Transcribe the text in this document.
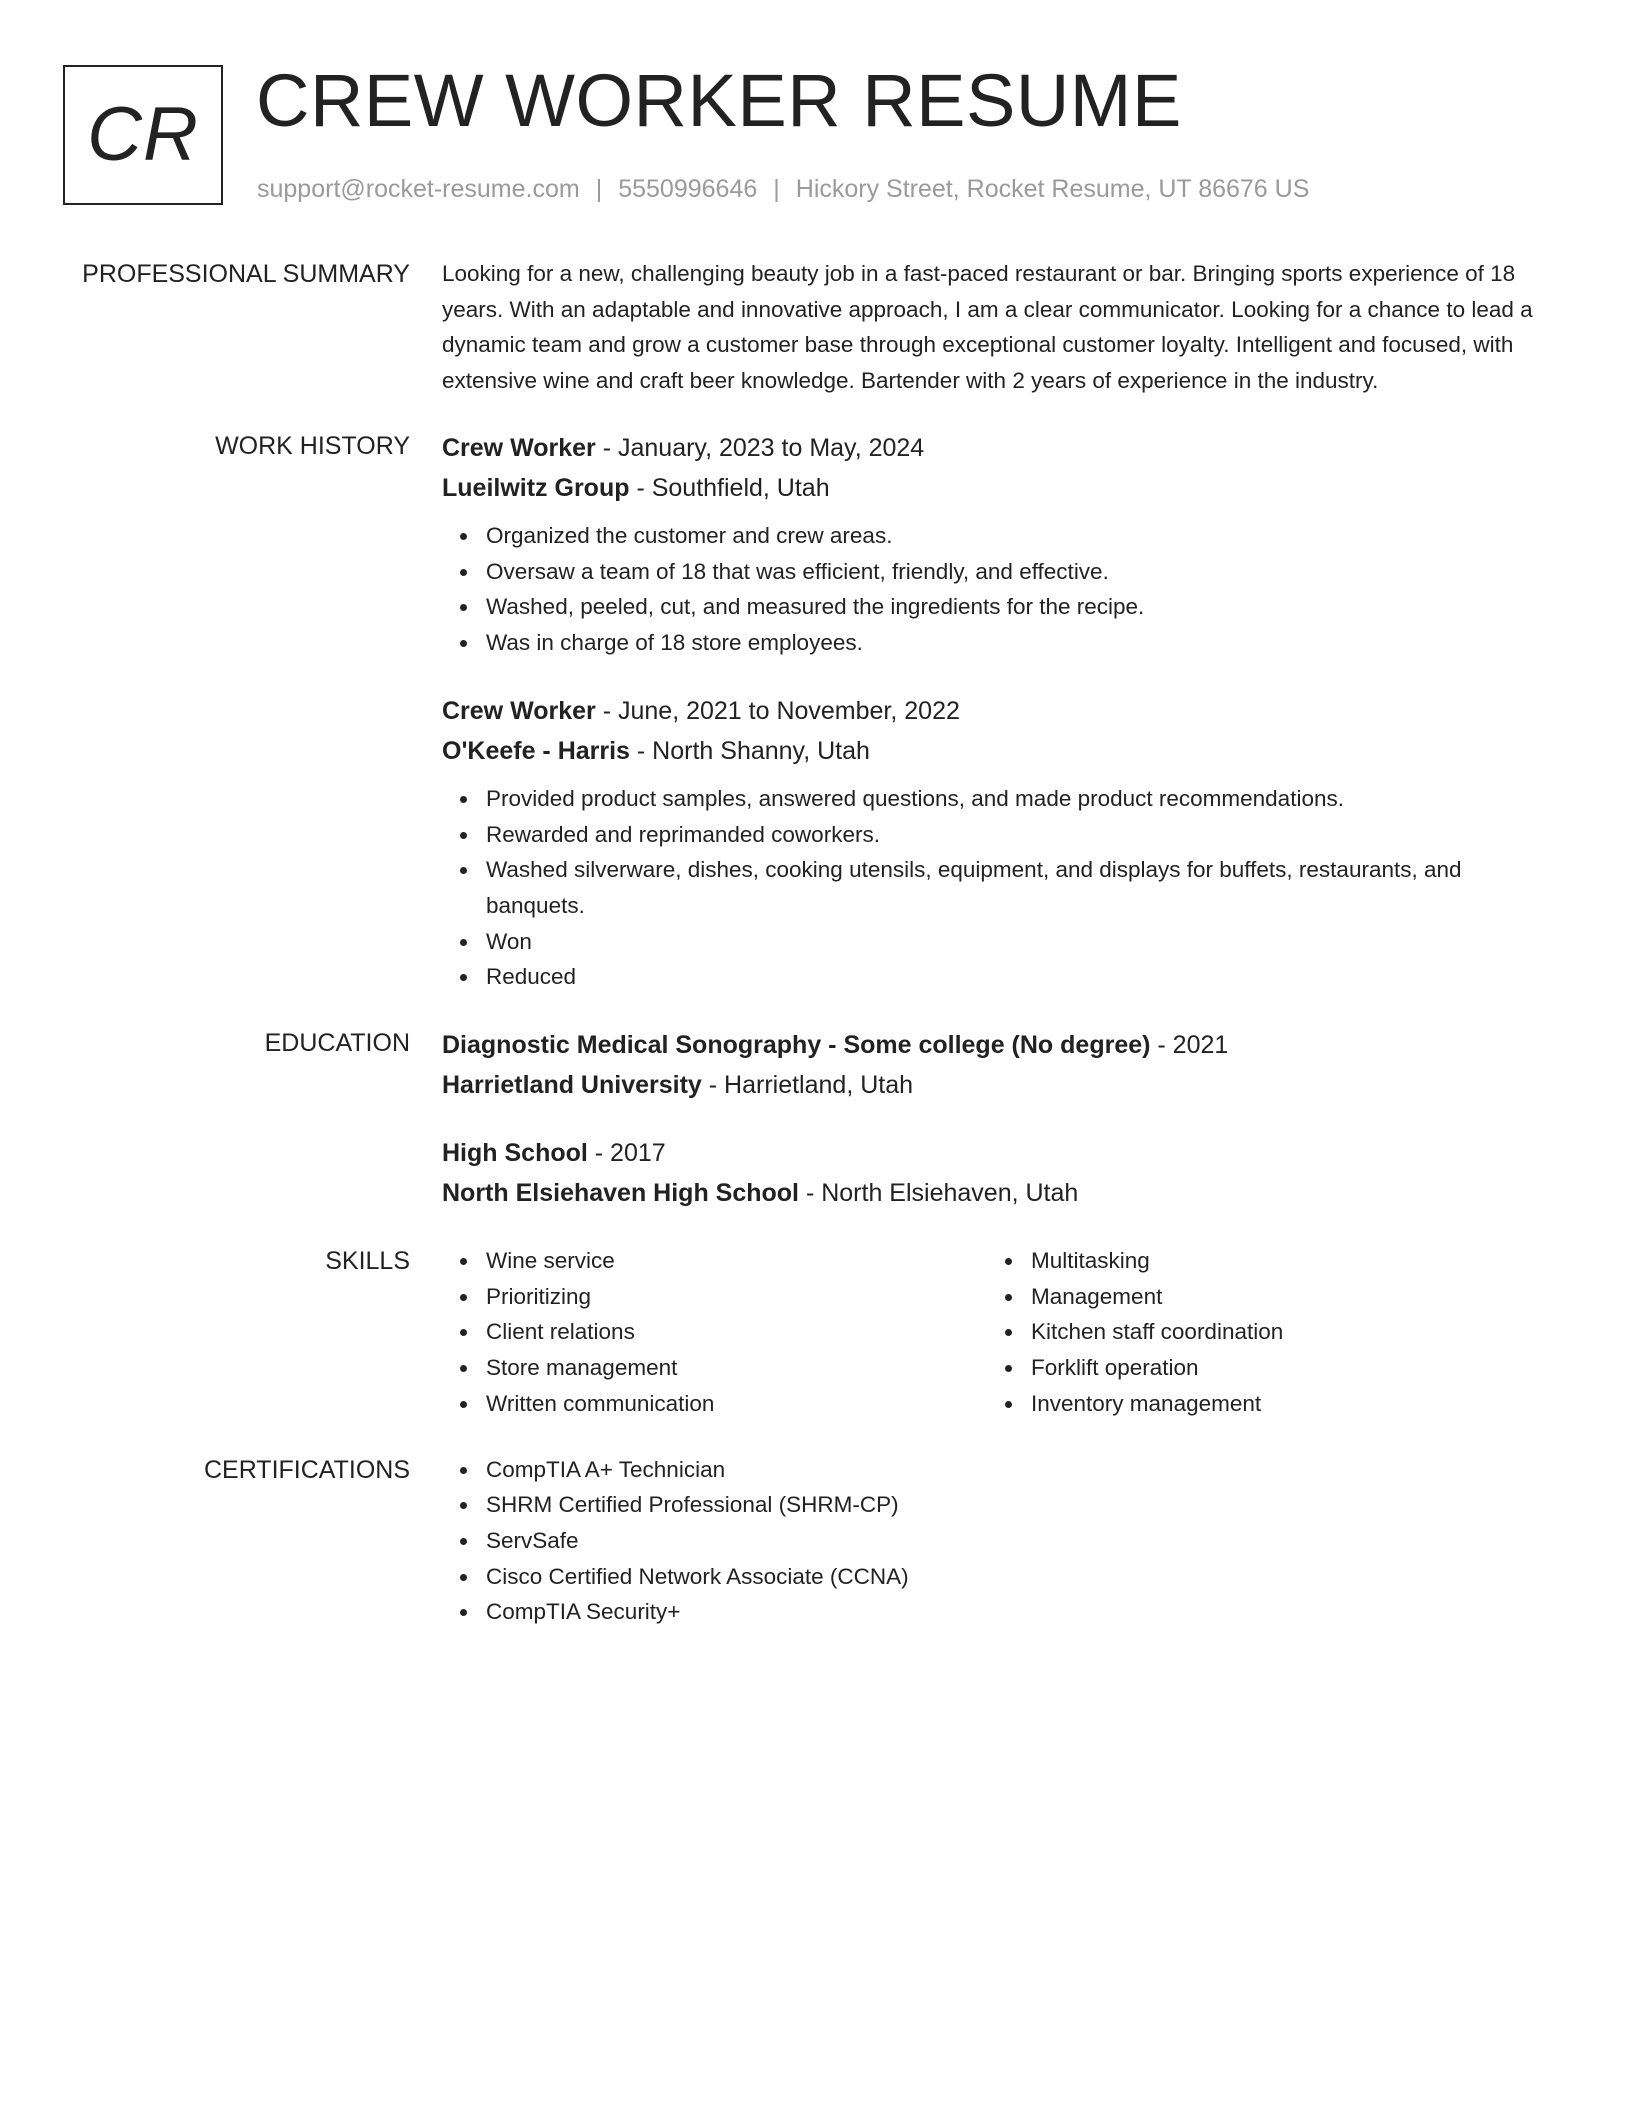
CR CREW WORKER RESUME
support@rocket-resume.com | 5550996646 | Hickory Street, Rocket Resume, UT 86676 US
PROFESSIONAL SUMMARY Looking for a new, challenging beauty job in a fast-paced restaurant or bar. Bringing sports experience of 18 years. With an adaptable and innovative approach, I am a clear communicator. Looking for a chance to lead a dynamic team and grow a customer base through exceptional customer loyalty. Intelligent and focused, with extensive wine and craft beer knowledge. Bartender with 2 years of experience in the industry.

WORK HISTORY Crew Worker - January, 2023 to May, 2024
Lueilwitz Group - Southfield, Utah
Organized the customer and crew areas.
Oversaw a team of 18 that was efficient, friendly, and effective.
Washed, peeled, cut, and measured the ingredients for the recipe.
Was in charge of 18 store employees.
Crew Worker - June, 2021 to November, 2022
O'Keefe - Harris - North Shanny, Utah
Provided product samples, answered questions, and made product recommendations.
Rewarded and reprimanded coworkers.
Washed silverware, dishes, cooking utensils, equipment, and displays for buffets, restaurants, and banquets.
Won
Reduced
EDUCATION Diagnostic Medical Sonography - Some college (No degree) - 2021
Harrietland University - Harrietland, Utah
High School - 2017
North Elsiehaven High School - North Elsiehaven, Utah
SKILLS	Wine service
Prioritizing
Client relations
Store management
Written communication
Multitasking
Management
Kitchen staff coordination
Forklift operation
Inventory management
CERTIFICATIONS	CompTIA A+ Technician
SHRM Certified Professional (SHRM-CP)
ServSafe
Cisco Certified Network Associate (CCNA)
CompTIA Security+
